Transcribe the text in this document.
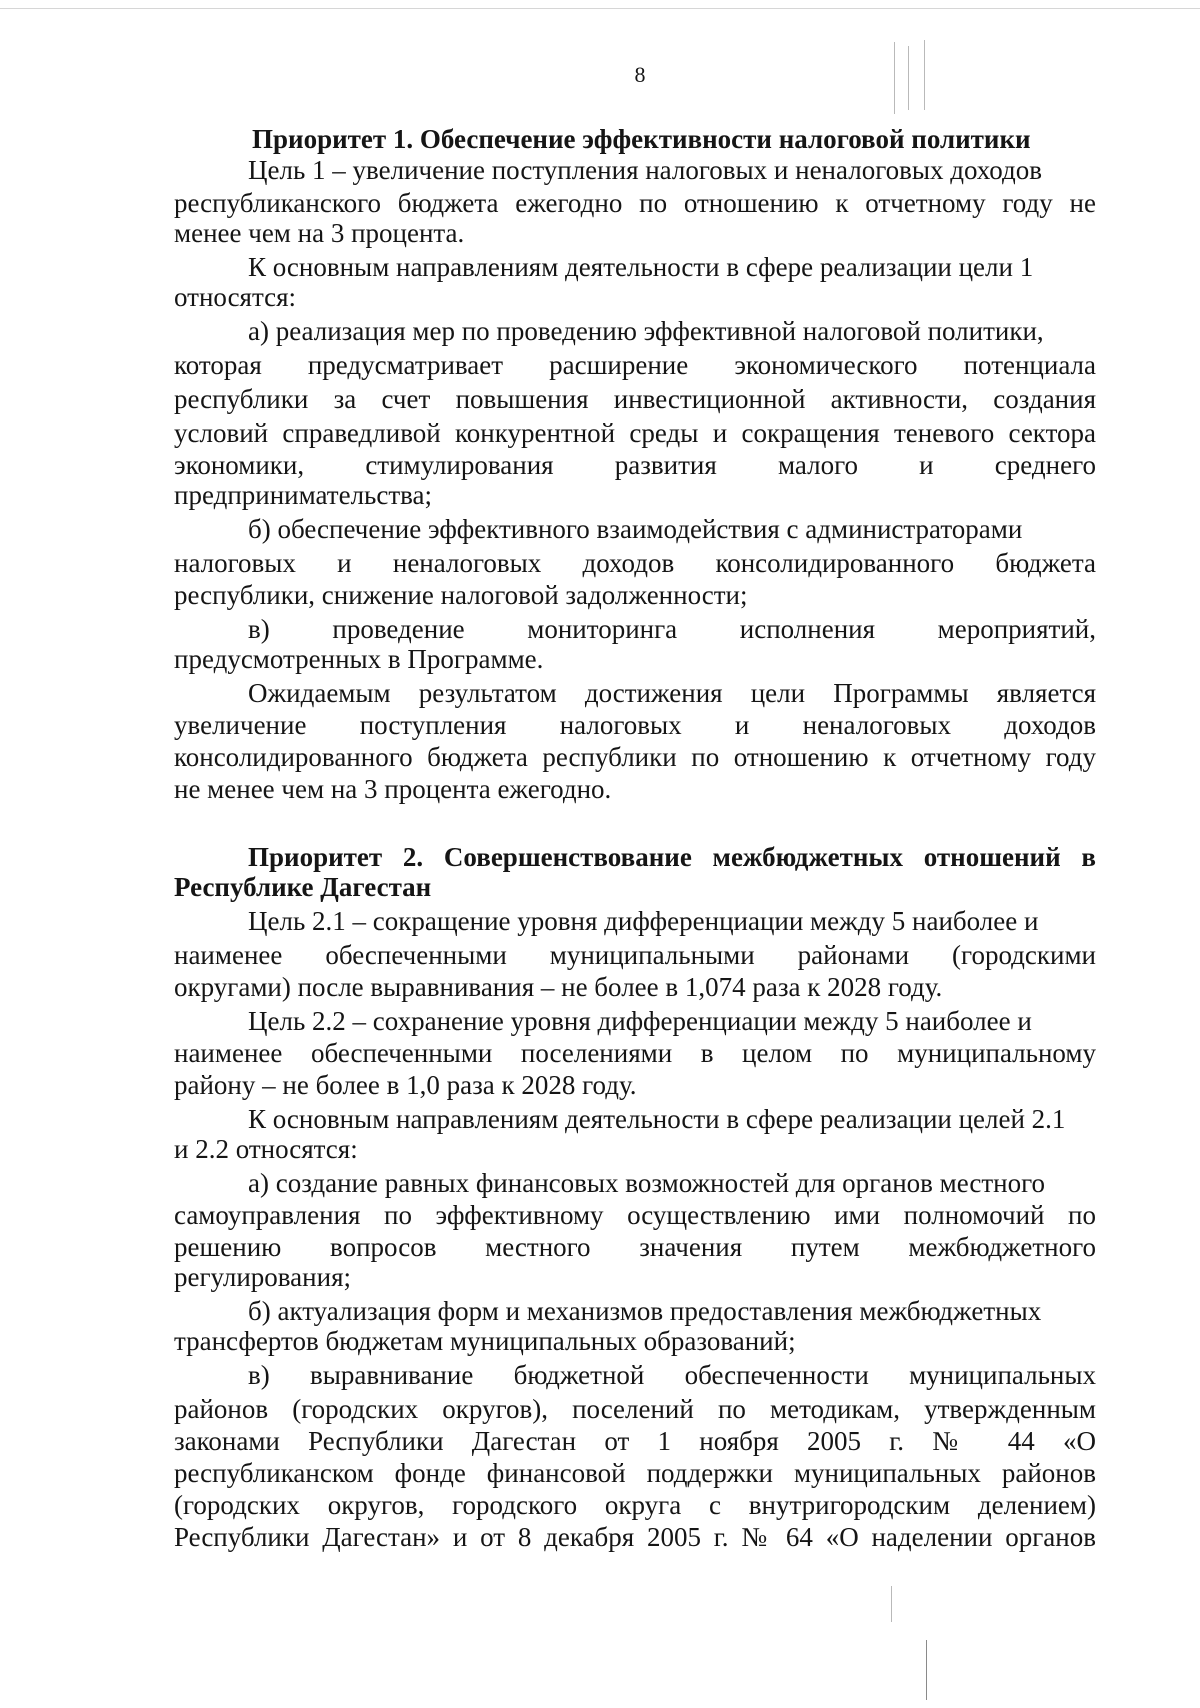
8
Приоритет 1. Обеспечение эффективности налоговой политики
Цель 1 – увеличение поступления налоговых и неналоговых доходов
республиканского бюджета ежегодно по отношению к отчетному году не
менее чем на 3 процента.
К основным направлениям деятельности в сфере реализации цели 1
относятся:
а) реализация мер по проведению эффективной налоговой политики,
которая предусматривает расширение экономического потенциала
республики за счет повышения инвестиционной активности, создания
условий справедливой конкурентной среды и сокращения теневого сектора
экономики, стимулирования развития малого и среднего
предпринимательства;
б) обеспечение эффективного взаимодействия с администраторами
налоговых и неналоговых доходов консолидированного бюджета
республики, снижение налоговой задолженности;
в) проведение мониторинга исполнения мероприятий,
предусмотренных в Программе.
Ожидаемым результатом достижения цели Программы является
увеличение поступления налоговых и неналоговых доходов
консолидированного бюджета республики по отношению к отчетному году
не менее чем на 3 процента ежегодно.
Приоритет 2. Совершенствование межбюджетных отношений в
Республике Дагестан
Цель 2.1 – сокращение уровня дифференциации между 5 наиболее и
наименее обеспеченными муниципальными районами (городскими
округами) после выравнивания – не более в 1,074 раза к 2028 году.
Цель 2.2 – сохранение уровня дифференциации между 5 наиболее и
наименее обеспеченными поселениями в целом по муниципальному
району – не более в 1,0 раза к 2028 году.
К основным направлениям деятельности в сфере реализации целей 2.1
и 2.2 относятся:
а) создание равных финансовых возможностей для органов местного
самоуправления по эффективному осуществлению ими полномочий по
решению вопросов местного значения путем межбюджетного
регулирования;
б) актуализация форм и механизмов предоставления межбюджетных
трансфертов бюджетам муниципальных образований;
в) выравнивание бюджетной обеспеченности муниципальных
районов (городских округов), поселений по методикам, утвержденным
законами Республики Дагестан от 1 ноября 2005 г. № 44 «О
республиканском фонде финансовой поддержки муниципальных районов
(городских округов, городского округа с внутригородским делением)
Республики Дагестан» и от 8 декабря 2005 г. № 64 «О наделении органов
